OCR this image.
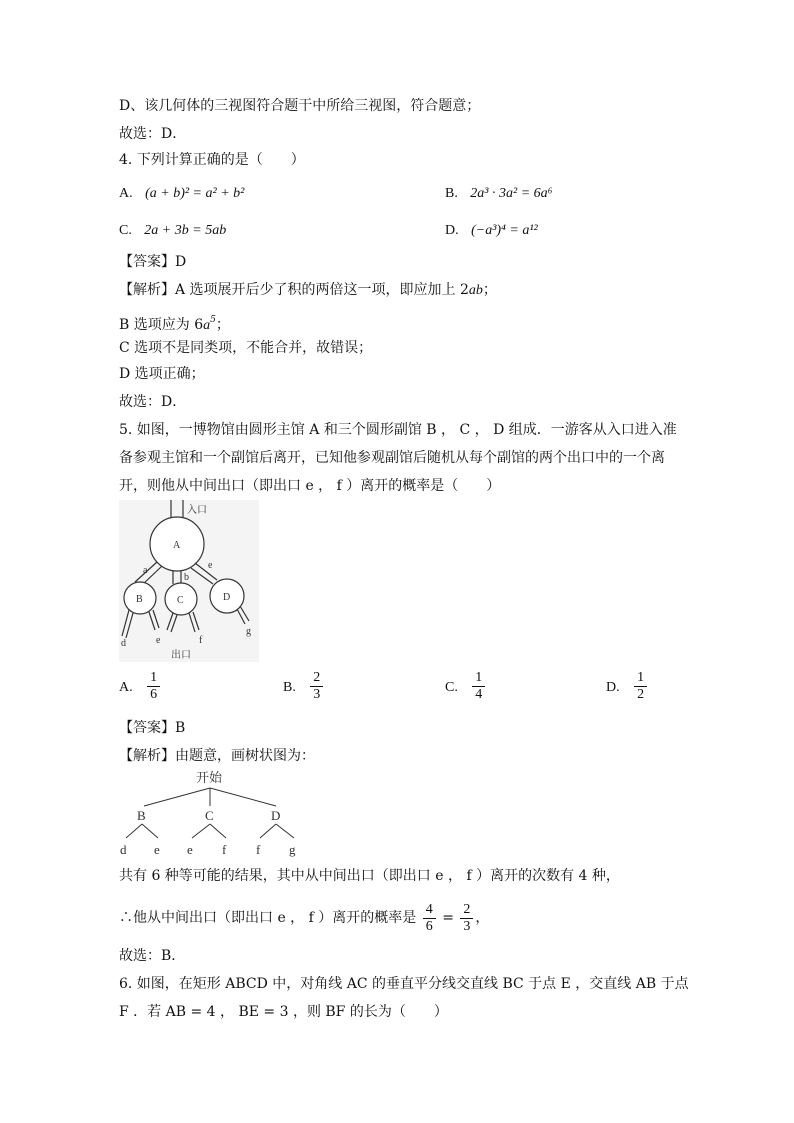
D、该几何体的三视图符合题干中所给三视图，符合题意；
故选：D．
4. 下列计算正确的是（　　）
A. (a + b)² = a² + b²	B. 2a³ · 3a² = 6a⁶
C. 2a + 3b = 5ab	D. (−a³)⁴ = a¹²
【答案】D
【解析】A 选项展开后少了积的两倍这一项，即应加上 2ab；
B 选项应为 $6a^5$；
C 选项不是同类项，不能合并，故错误；
D 选项正确；
故选：D．
5. 如图，一博物馆由圆形主馆 A 和三个圆形副馆 B ， C ， D 组成．一游客从入口进入准
备参观主馆和一个副馆后离开，已知他参观副馆后随机从每个副馆的两个出口中的一个离
开，则他从中间出口（即出口 e ， f ）离开的概率是（　　）
入口
A
B	C	D
a
b
e
d	e	f
g
出口
A. $\frac{1}{6}$	B. $\frac{2}{3}$	C. $\frac{1}{4}$	D. $\frac{1}{2}$
【答案】B
【解析】由题意，画树状图为：
开始
B	C	D
d e e f f g
共有 6 种等可能的结果，其中从中间出口（即出口 e ， f ）离开的次数有 4 种，
∴他从中间出口（即出口 e ， f ）离开的概率是 $\frac{4}{6} = \frac{2}{3}$ ，
故选：B．
6. 如图，在矩形 ABCD 中，对角线 AC 的垂直平分线交直线 BC 于点 E ，交直线 AB 于点
F ．若 AB = 4 ， BE = 3 ，则 BF 的长为（　　）
